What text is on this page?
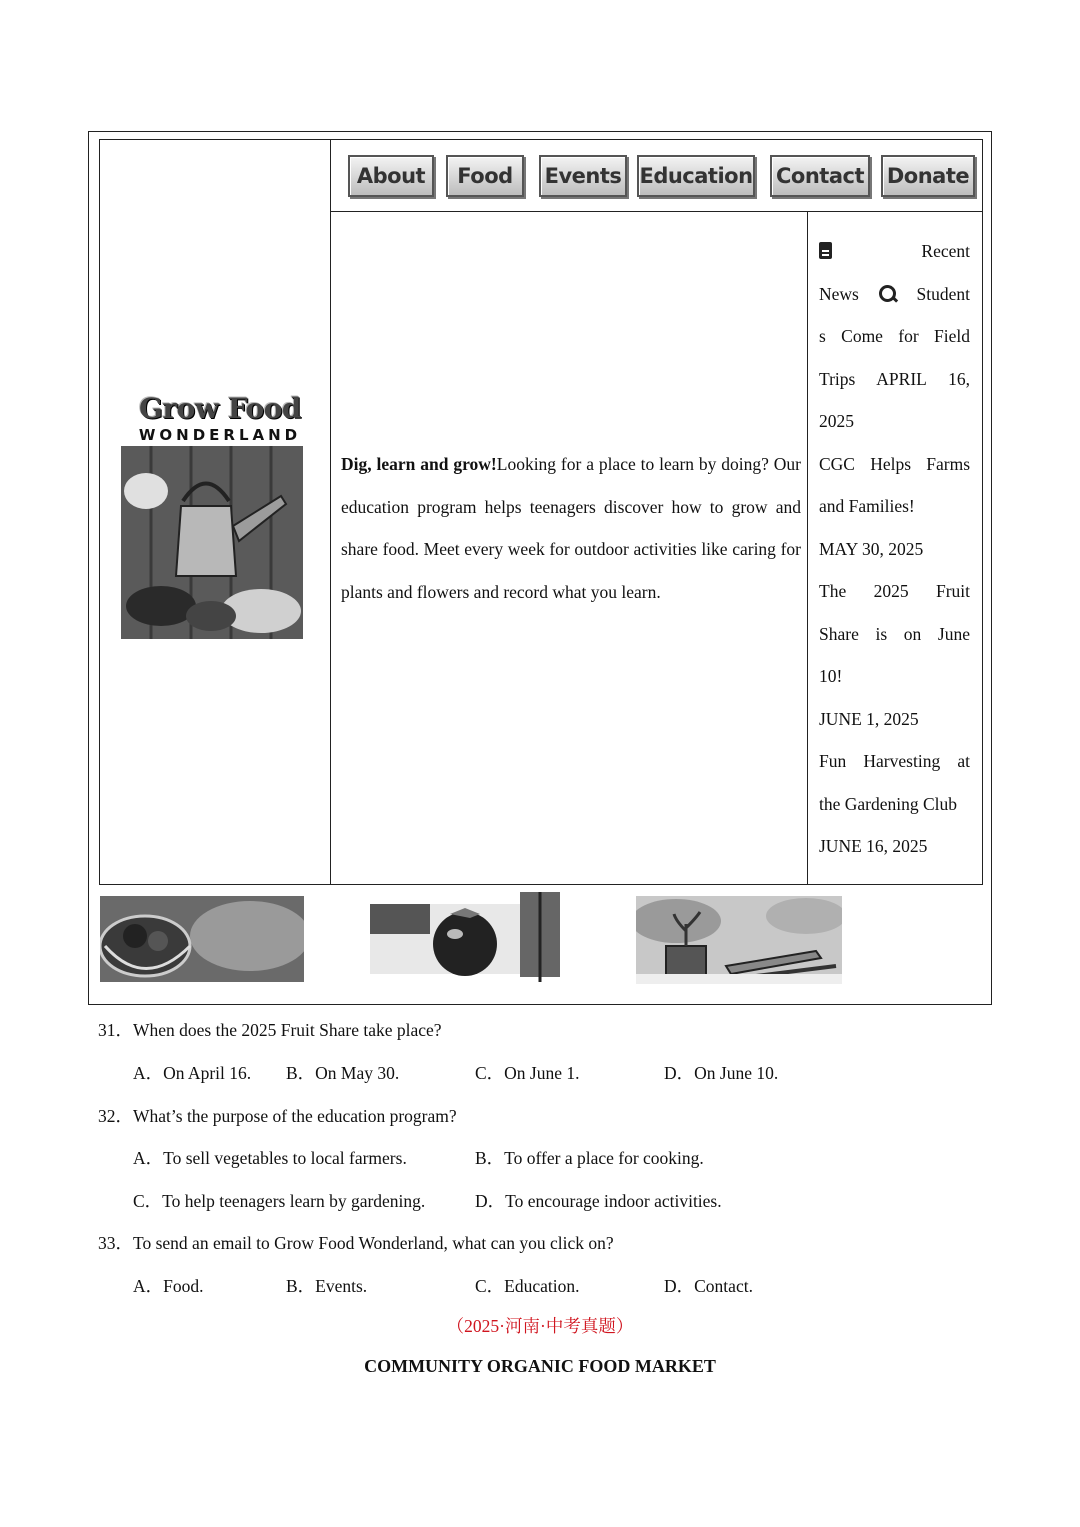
About	Food	Events Education Contact Donate
Grow Food
WONDERLAND
Dig, learn and grow!Looking for a place to learn by doing? Our education program helps teenagers discover how to grow and share food. Meet every week for outdoor activities like caring for plants and flowers and record what you learn.
Recent
News	Student
s Come for Field
Trips APRIL 16,
2025
CGC Helps Farms
and Families!
MAY 30, 2025
The 2025 Fruit
Share is on June
10!
JUNE 1, 2025
Fun Harvesting at
the Gardening Club
JUNE 16, 2025
31．When does the 2025 Fruit Share take place?
A．On April 16. B．On May 30.	C．On June 1.	D．On June 10.
32．What’s the purpose of the education program?
A．To sell vegetables to local farmers.	B．To offer a place for cooking.
C．To help teenagers learn by gardening.	D．To encourage indoor activities.
33．To send an email to Grow Food Wonderland, what can you click on?
A．Food.	B．Events.	C．Education.	D．Contact.
（2025·河南·中考真题）
COMMUNITY ORGANIC FOOD MARKET
